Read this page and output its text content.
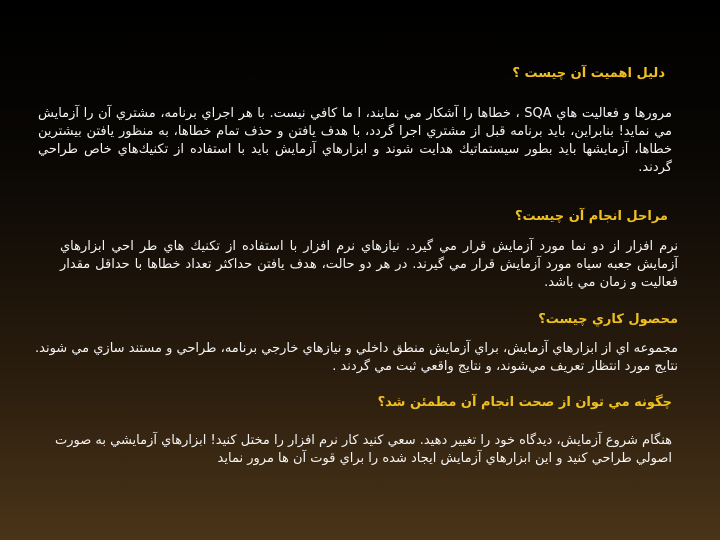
دليل اهميت آن چيست ؟
مرورها و فعاليت هاي SQA ، خطاها را آشكار مي نمايند، ا ما كافي نيست. با هر اجراي برنامه، مشتري آن را آزمايش مي نمايد! بنابراين، بايد برنامه قبل از مشتري اجرا گردد، با هدف يافتن و حذف تمام خطاها، به منظور يافتن بيشترين خطاها، آزمايشها بايد بطور سيستماتيك هدايت شوند و ابزارهاي آزمايش بايد با استفاده از تكنيك‌هاي خاص طراحي گردند.
مراحل انجام آن چيست؟
نرم افزار از دو نما مورد آزمايش قرار مي گيرد. نيازهاي نرم افزار با استفاده از تكنيك هاي طر احي ابزارهاي آزمايش جعبه سياه مورد آزمايش قرار مي گيرند. در هر دو حالت، هدف يافتن حداكثر تعداد خطاها با حداقل مقدار فعاليت و زمان مي باشد.
محصول كاري چيست؟
مجموعه اي از ابزارهاي آزمايش، براي آزمايش منطق داخلي و نيازهاي خارجي برنامه، طراحي و مستند سازي مي شوند. نتايج مورد انتظار تعريف مي‌شوند، و نتايج واقعي ثبت مي گردند .
چگونه مي توان از صحت انجام آن مطمئن شد؟
هنگام شروع آزمايش، ديدگاه خود را تغيير دهيد. سعي كنيد كار نرم افزار را مختل كنيد! ابزارهاي آزمايشي به صورت اصولي طراحي كنيد و اين ابزارهاي آزمايش ايجاد شده را براي قوت آن ها مرور نمايد
